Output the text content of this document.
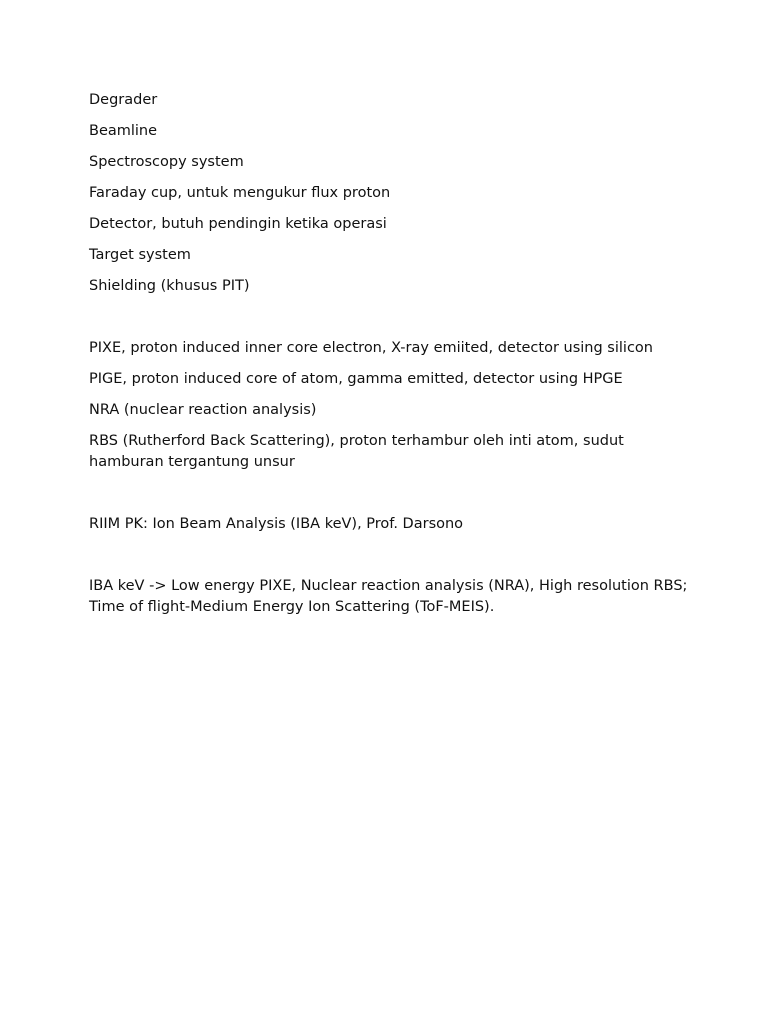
Degrader

Beamline

Spectroscopy system

Faraday cup, untuk mengukur flux proton

Detector, butuh pendingin ketika operasi

Target system

Shielding (khusus PIT)

PIXE, proton induced inner core electron, X-ray emiited, detector using silicon

PIGE, proton induced core of atom, gamma emitted, detector using HPGE

NRA (nuclear reaction analysis)

RBS (Rutherford Back Scattering), proton terhambur oleh inti atom, sudut hamburan tergantung unsur

RIIM PK: Ion Beam Analysis (IBA keV), Prof. Darsono

IBA keV -> Low energy PIXE, Nuclear reaction analysis (NRA), High resolution RBS; Time of flight-Medium Energy Ion Scattering (ToF-MEIS).
